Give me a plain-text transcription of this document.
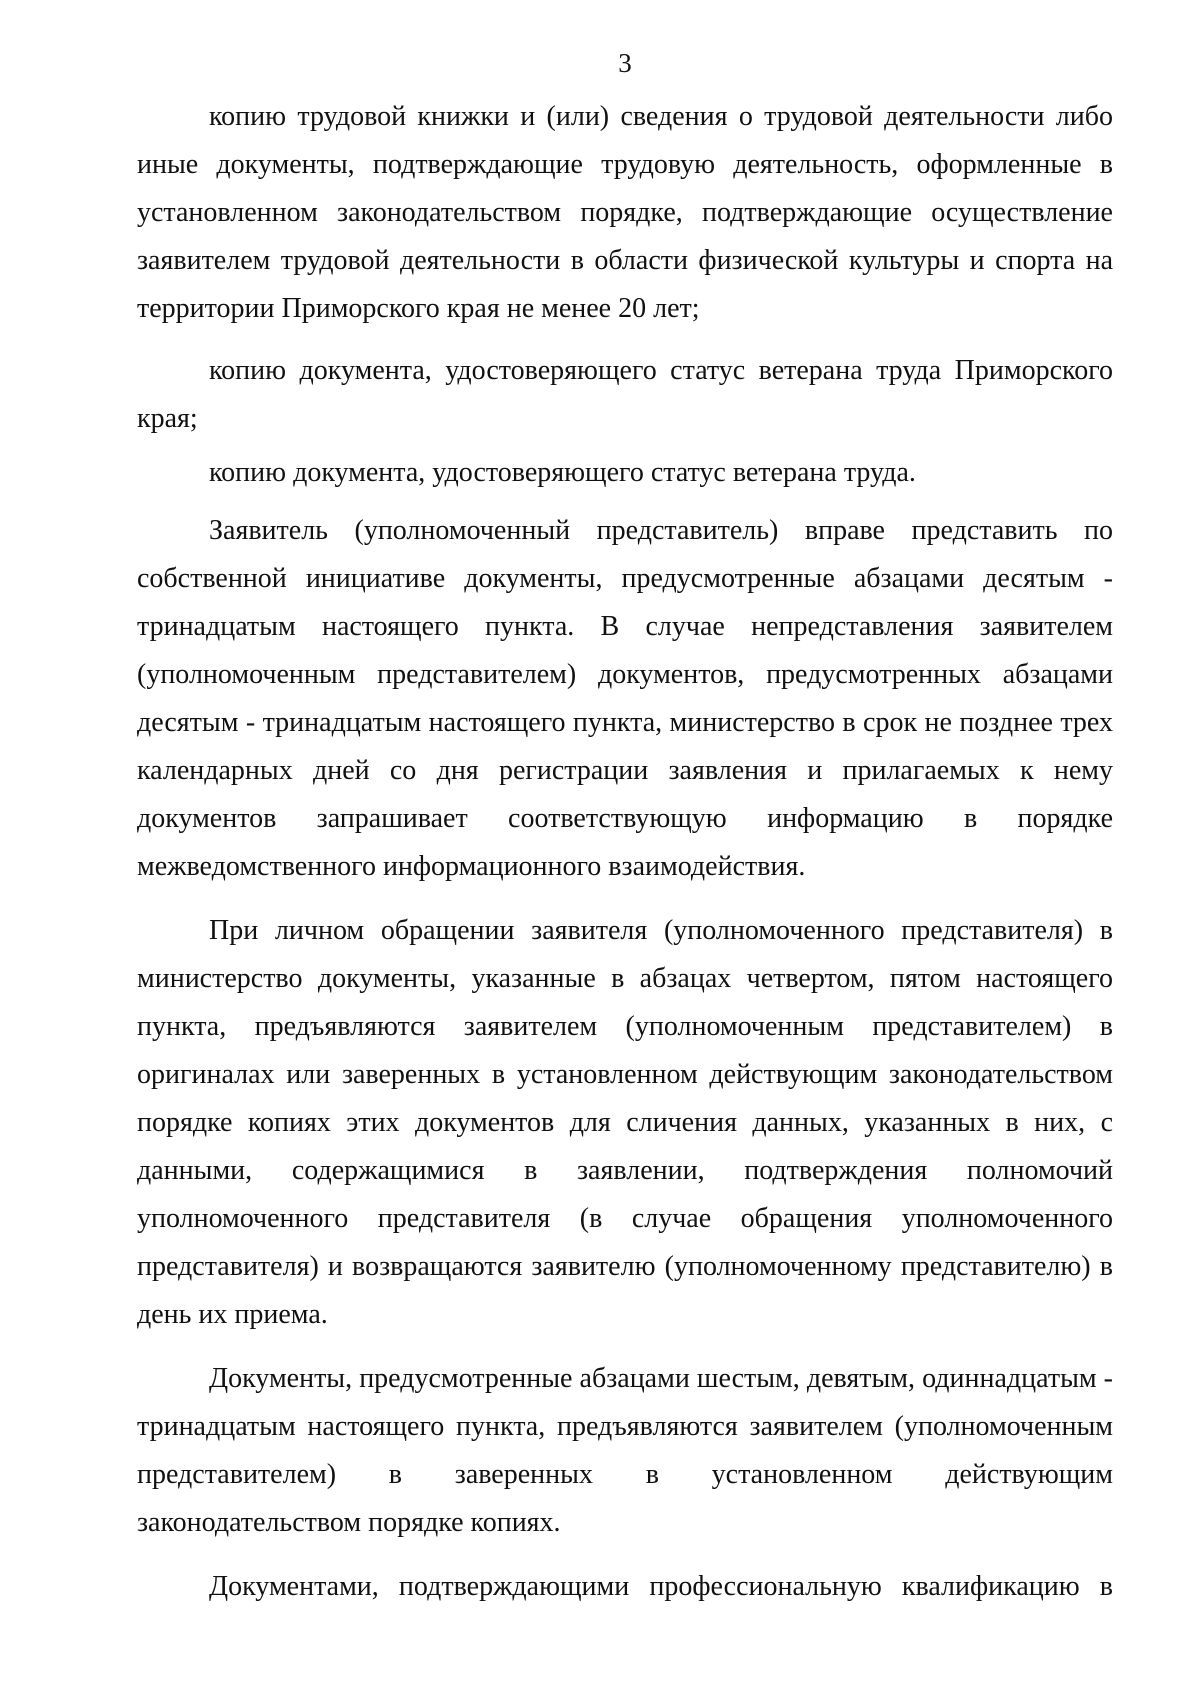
3

копию трудовой книжки и (или) сведения о трудовой деятельности либо иные документы, подтверждающие трудовую деятельность, оформленные в установленном законодательством порядке, подтверждающие осуществление заявителем трудовой деятельности в области физической культуры и спорта на территории Приморского края не менее 20 лет;

копию документа, удостоверяющего статус ветерана труда Приморского края;

копию документа, удостоверяющего статус ветерана труда.

Заявитель (уполномоченный представитель) вправе представить по собственной инициативе документы, предусмотренные абзацами десятым - тринадцатым настоящего пункта. В случае непредставления заявителем (уполномоченным представителем) документов, предусмотренных абзацами десятым - тринадцатым настоящего пункта, министерство в срок не позднее трех календарных дней со дня регистрации заявления и прилагаемых к нему документов запрашивает соответствующую информацию в порядке межведомственного информационного взаимодействия.

При личном обращении заявителя (уполномоченного представителя) в министерство документы, указанные в абзацах четвертом, пятом настоящего пункта, предъявляются заявителем (уполномоченным представителем) в оригиналах или заверенных в установленном действующим законодательством порядке копиях этих документов для сличения данных, указанных в них, с данными, содержащимися в заявлении, подтверждения полномочий уполномоченного представителя (в случае обращения уполномоченного представителя) и возвращаются заявителю (уполномоченному представителю) в день их приема.

Документы, предусмотренные абзацами шестым, девятым, одиннадцатым - тринадцатым настоящего пункта, предъявляются заявителем (уполномоченным представителем) в заверенных в установленном действующим законодательством порядке копиях.

Документами, подтверждающими профессиональную квалификацию в
